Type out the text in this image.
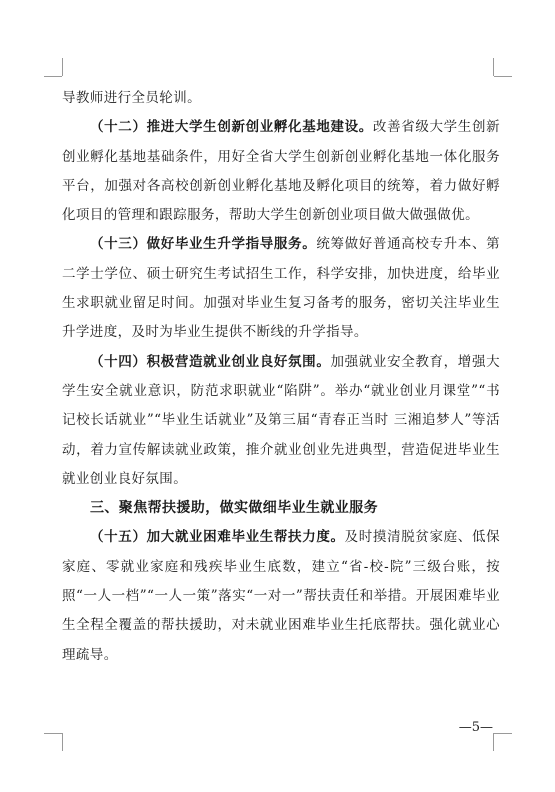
导教师进行全员轮训。

（十二）推进大学生创新创业孵化基地建设。改善省级大学生创新创业孵化基地基础条件，用好全省大学生创新创业孵化基地一体化服务平台，加强对各高校创新创业孵化基地及孵化项目的统筹，着力做好孵化项目的管理和跟踪服务，帮助大学生创新创业项目做大做强做优。

（十三）做好毕业生升学指导服务。统筹做好普通高校专升本、第二学士学位、硕士研究生考试招生工作，科学安排，加快进度，给毕业生求职就业留足时间。加强对毕业生复习备考的服务，密切关注毕业生升学进度，及时为毕业生提供不断线的升学指导。

（十四）积极营造就业创业良好氛围。加强就业安全教育，增强大学生安全就业意识，防范求职就业“陷阱”。举办“就业创业月课堂”“书记校长话就业”“毕业生话就业”及第三届“青春正当时 三湘追梦人”等活动，着力宣传解读就业政策，推介就业创业先进典型，营造促进毕业生就业创业良好氛围。

三、聚焦帮扶援助，做实做细毕业生就业服务

（十五）加大就业困难毕业生帮扶力度。及时摸清脱贫家庭、低保家庭、零就业家庭和残疾毕业生底数，建立“省-校-院”三级台账，按照“一人一档”“一人一策”落实“一对一”帮扶责任和举措。开展困难毕业生全程全覆盖的帮扶援助，对未就业困难毕业生托底帮扶。强化就业心理疏导。

—5—
